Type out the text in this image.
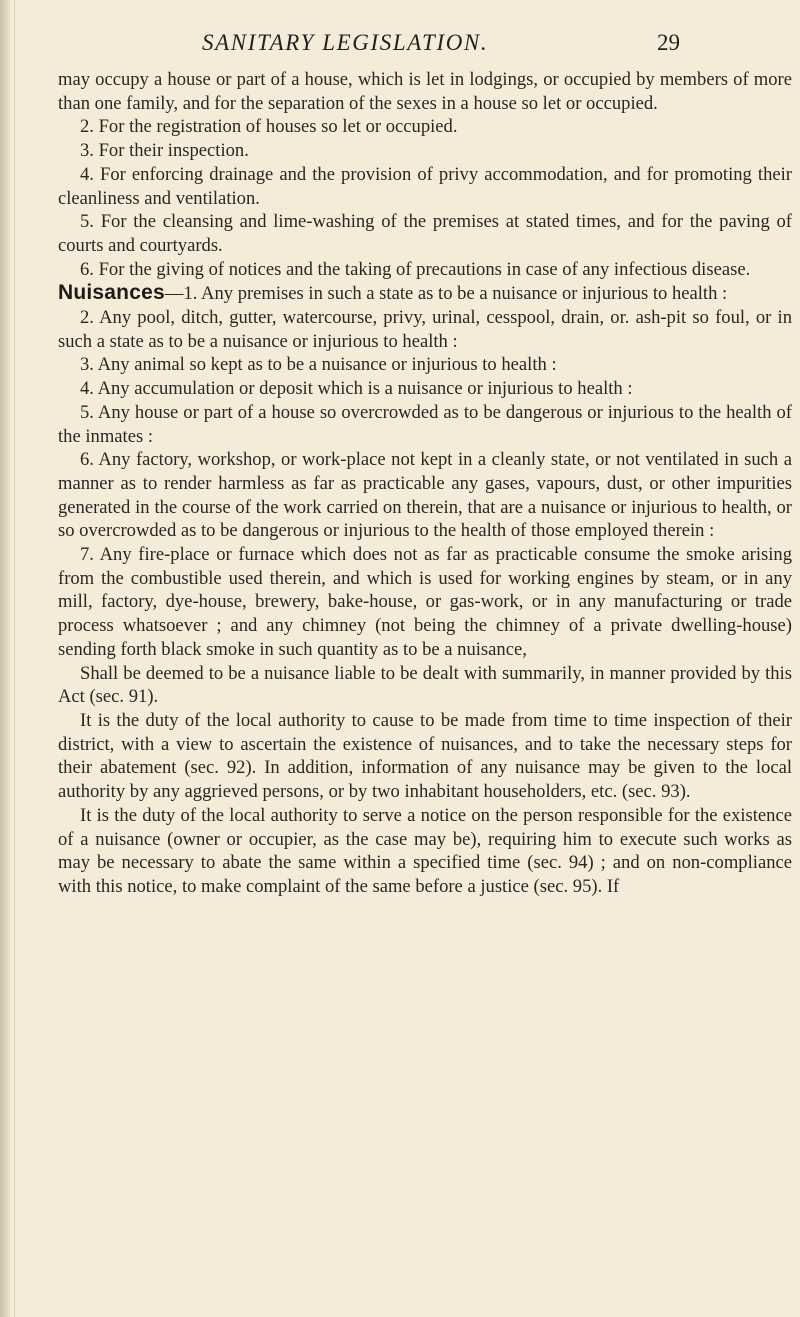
SANITARY LEGISLATION.	29

may occupy a house or part of a house, which is let in lodgings, or occupied by members of more than one family, and for the separation of the sexes in a house so let or occupied.

2. For the registration of houses so let or occupied.

3. For their inspection.

4. For enforcing drainage and the provision of privy accommodation, and for promoting their cleanliness and ventilation.

5. For the cleansing and lime-washing of the premises at stated times, and for the paving of courts and courtyards.

6. For the giving of notices and the taking of precautions in case of any infectious disease.

Nuisances—1. Any premises in such a state as to be a nuisance or injurious to health :

2. Any pool, ditch, gutter, watercourse, privy, urinal, cesspool, drain, or. ash-pit so foul, or in such a state as to be a nuisance or injurious to health :

3. Any animal so kept as to be a nuisance or injurious to health :

4. Any accumulation or deposit which is a nuisance or injurious to health :

5. Any house or part of a house so overcrowded as to be dangerous or injurious to the health of the inmates :

6. Any factory, workshop, or work-place not kept in a cleanly state, or not ventilated in such a manner as to render harmless as far as practicable any gases, vapours, dust, or other impurities generated in the course of the work carried on therein, that are a nuisance or injurious to health, or so overcrowded as to be dangerous or injurious to the health of those employed therein :

7. Any fire-place or furnace which does not as far as practicable consume the smoke arising from the combustible used therein, and which is used for working engines by steam, or in any mill, factory, dye-house, brewery, bake-house, or gas-work, or in any manufacturing or trade process whatsoever ; and any chimney (not being the chimney of a private dwelling-house) sending forth black smoke in such quantity as to be a nuisance,

Shall be deemed to be a nuisance liable to be dealt with summarily, in manner provided by this Act (sec. 91).

It is the duty of the local authority to cause to be made from time to time inspection of their district, with a view to ascertain the existence of nuisances, and to take the necessary steps for their abatement (sec. 92). In addition, information of any nuisance may be given to the local authority by any aggrieved persons, or by two inhabitant householders, etc. (sec. 93).

It is the duty of the local authority to serve a notice on the person responsible for the existence of a nuisance (owner or occupier, as the case may be), requiring him to execute such works as may be necessary to abate the same within a specified time (sec. 94) ; and on non-compliance with this notice, to make complaint of the same before a justice (sec. 95). If
